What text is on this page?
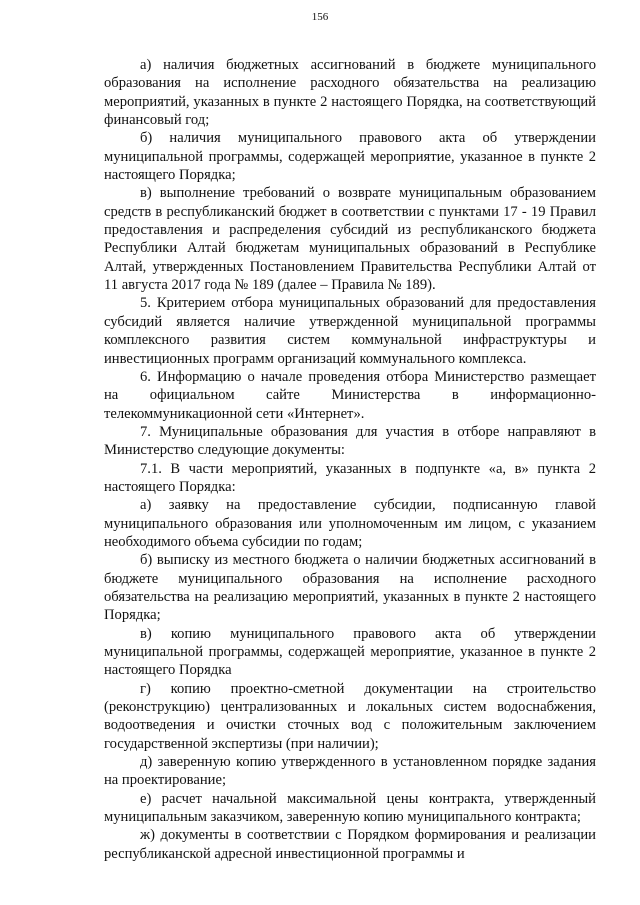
156

а) наличия бюджетных ассигнований в бюджете муниципального образования на исполнение расходного обязательства на реализацию мероприятий, указанных в пункте 2 настоящего Порядка, на соответствующий финансовый год;

б) наличия муниципального правового акта об утверждении муниципальной программы, содержащей мероприятие, указанное в пункте 2 настоящего Порядка;

в) выполнение требований о возврате муниципальным образованием средств в республиканский бюджет в соответствии с пунктами 17 - 19 Правил предоставления и распределения субсидий из республиканского бюджета Республики Алтай бюджетам муниципальных образований в Республике Алтай, утвержденных Постановлением Правительства Республики Алтай от 11 августа 2017 года № 189 (далее – Правила № 189).

5. Критерием отбора муниципальных образований для предоставления субсидий является наличие утвержденной муниципальной программы комплексного развития систем коммунальной инфраструктуры и инвестиционных программ организаций коммунального комплекса.

6. Информацию о начале проведения отбора Министерство размещает на официальном сайте Министерства в информационно-телекоммуникационной сети «Интернет».

7. Муниципальные образования для участия в отборе направляют в Министерство следующие документы:

7.1. В части мероприятий, указанных в подпункте «а, в» пункта 2 настоящего Порядка:

а) заявку на предоставление субсидии, подписанную главой муниципального образования или уполномоченным им лицом, с указанием необходимого объема субсидии по годам;

б) выписку из местного бюджета о наличии бюджетных ассигнований в бюджете муниципального образования на исполнение расходного обязательства на реализацию мероприятий, указанных в пункте 2 настоящего Порядка;

в) копию муниципального правового акта об утверждении муниципальной программы, содержащей мероприятие, указанное в пункте 2 настоящего Порядка

г) копию проектно-сметной документации на строительство (реконструкцию) централизованных и локальных систем водоснабжения, водоотведения и очистки сточных вод с положительным заключением государственной экспертизы (при наличии);

д) заверенную копию утвержденного в установленном порядке задания на проектирование;

е) расчет начальной максимальной цены контракта, утвержденный муниципальным заказчиком, заверенную копию муниципального контракта;

ж) документы в соответствии с Порядком формирования и реализации республиканской адресной инвестиционной программы и
